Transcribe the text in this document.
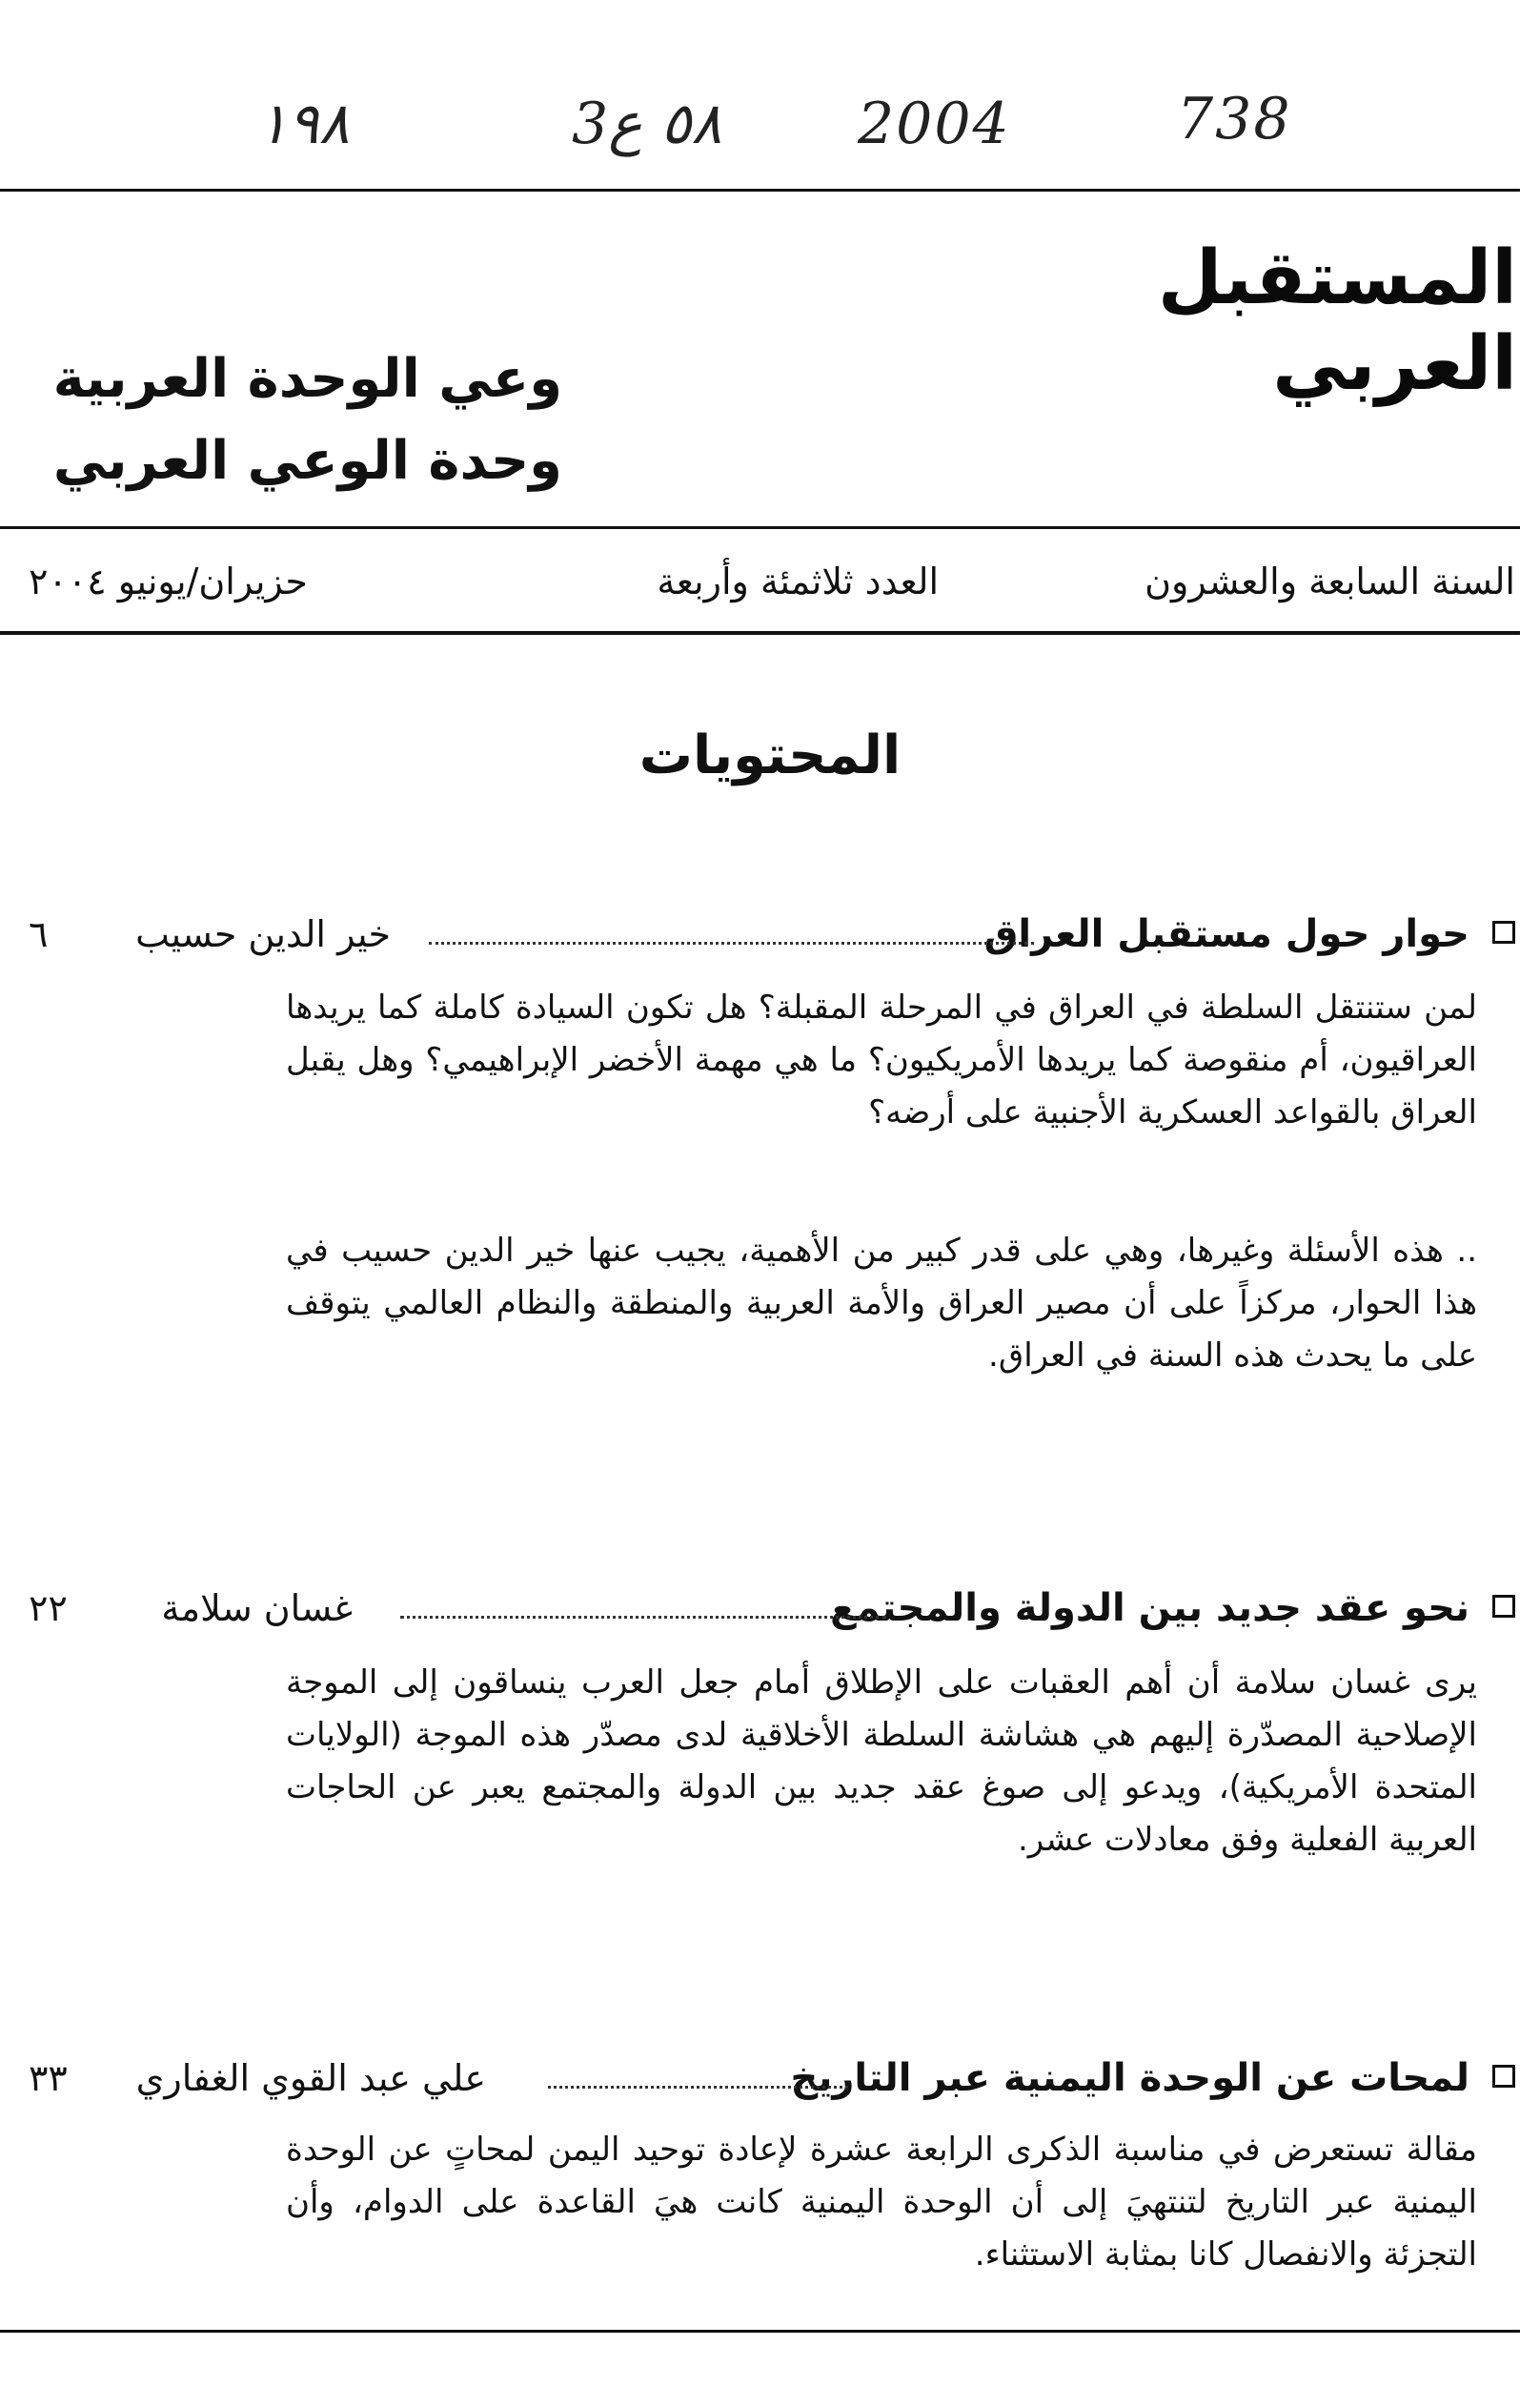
١٩٨	3٥٨ ع 2004	738
المستقبل العربي
وعي الوحدة العربية
وحدة الوعي العربي
السنة السابعة والعشرون
العدد ثلاثمئة وأربعة
حزيران/يونيو ٢٠٠٤
المحتويات
حوار حول مستقبل العراق
خير الدين حسيب
٦

لمن ستنتقل السلطة في العراق في المرحلة المقبلة؟ هل تكون السيادة كاملة كما يريدها العراقيون، أم منقوصة كما يريدها الأمريكيون؟ ما هي مهمة الأخضر الإبراهيمي؟ وهل يقبل العراق بالقواعد العسكرية الأجنبية على أرضه؟

.. هذه الأسئلة وغيرها، وهي على قدر كبير من الأهمية، يجيب عنها خير الدين حسيب في هذا الحوار، مركزاً على أن مصير العراق والأمة العربية والمنطقة والنظام العالمي يتوقف على ما يحدث هذه السنة في العراق.

نحو عقد جديد بين الدولة والمجتمع
غسان سلامة
٢٢

يرى غسان سلامة أن أهم العقبات على الإطلاق أمام جعل العرب ينساقون إلى الموجة الإصلاحية المصدّرة إليهم هي هشاشة السلطة الأخلاقية لدى مصدّر هذه الموجة (الولايات المتحدة الأمريكية)، ويدعو إلى صوغ عقد جديد بين الدولة والمجتمع يعبر عن الحاجات العربية الفعلية وفق معادلات عشر.

لمحات عن الوحدة اليمنية عبر التاريخ
علي عبد القوي الغفاري
٣٣

مقالة تستعرض في مناسبة الذكرى الرابعة عشرة لإعادة توحيد اليمن لمحاتٍ عن الوحدة اليمنية عبر التاريخ لتنتهيَ إلى أن الوحدة اليمنية كانت هيَ القاعدة على الدوام، وأن التجزئة والانفصال كانا بمثابة الاستثناء.
